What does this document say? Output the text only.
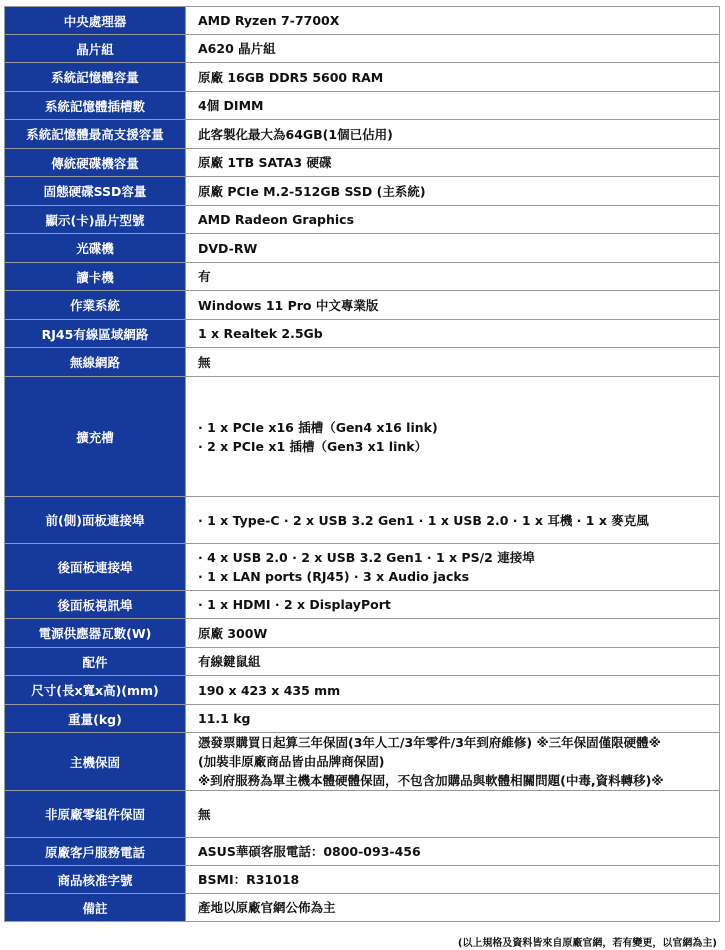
中央處理器	AMD Ryzen 7-7700X

晶片組	A620 晶片組

系統記憶體容量	原廠 16GB DDR5 5600 RAM

系統記憶體插槽數	4個 DIMM

系統記憶體最高支援容量	此客製化最大為64GB(1個已佔用)

傳統硬碟機容量	原廠 1TB SATA3 硬碟

固態硬碟SSD容量	原廠 PCIe M.2-512GB SSD (主系統)

顯示(卡)晶片型號	AMD Radeon Graphics

光碟機	DVD-RW

讀卡機	有

作業系統	Windows 11 Pro 中文專業版

RJ45有線區域網路	1 x Realtek 2.5Gb

無線網路	無

擴充槽	· 1 x PCIe x16 插槽（Gen4 x16 link)
· 2 x PCIe x1 插槽（Gen3 x1 link）

前(側)面板連接埠	· 1 x Type-C · 2 x USB 3.2 Gen1 · 1 x USB 2.0 · 1 x 耳機 · 1 x 麥克風

後面板連接埠	· 4 x USB 2.0 · 2 x USB 3.2 Gen1 · 1 x PS/2 連接埠
· 1 x LAN ports (RJ45) · 3 x Audio jacks

後面板視訊埠	· 1 x HDMI · 2 x DisplayPort

電源供應器瓦數(W)	原廠 300W

配件	有線鍵鼠組

尺寸(長x寬x高)(mm)	190 x 423 x 435 mm

重量(kg)	11.1 kg

主機保固	憑發票購買日起算三年保固(3年人工/3年零件/3年到府維修) ※三年保固僅限硬體※
(加裝非原廠商品皆由品牌商保固)
※到府服務為單主機本體硬體保固，不包含加購品與軟體相關問題(中毒,資料轉移)※

非原廠零組件保固	無

原廠客戶服務電話	ASUS華碩客服電話：0800-093-456

商品核准字號	BSMI：R31018

備註	產地以原廠官網公佈為主
(以上規格及資料皆來自原廠官網，若有變更，以官網為主)
